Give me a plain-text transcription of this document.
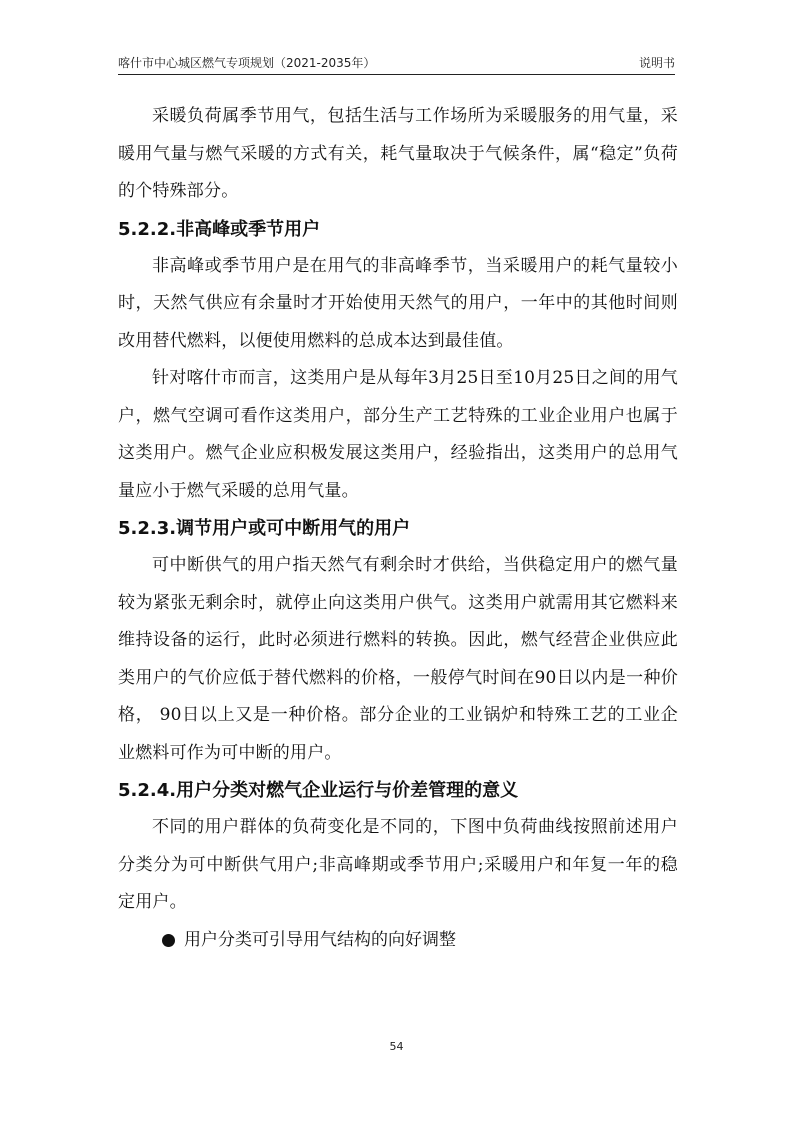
喀什市中心城区燃气专项规划（2021-2035年）	说明书

采暖负荷属季节用气，包括生活与工作场所为采暖服务的用气量，采暖用气量与燃气采暖的方式有关，耗气量取决于气候条件，属“稳定”负荷的个特殊部分。

5.2.2.非高峰或季节用户

非高峰或季节用户是在用气的非高峰季节，当采暖用户的耗气量较小时，天然气供应有余量时才开始使用天然气的用户，一年中的其他时间则改用替代燃料，以便使用燃料的总成本达到最佳值。

针对喀什市而言，这类用户是从每年3月25日至10月25日之间的用气户，燃气空调可看作这类用户，部分生产工艺特殊的工业企业用户也属于这类用户。燃气企业应积极发展这类用户，经验指出，这类用户的总用气量应小于燃气采暖的总用气量。

5.2.3.调节用户或可中断用气的用户

可中断供气的用户指天然气有剩余时才供给，当供稳定用户的燃气量较为紧张无剩余时，就停止向这类用户供气。这类用户就需用其它燃料来维持设备的运行，此时必须进行燃料的转换。因此，燃气经营企业供应此类用户的气价应低于替代燃料的价格，一般停气时间在90日以内是一种价格， 90日以上又是一种价格。部分企业的工业锅炉和特殊工艺的工业企业燃料可作为可中断的用户。

5.2.4.用户分类对燃气企业运行与价差管理的意义

不同的用户群体的负荷变化是不同的，下图中负荷曲线按照前述用户分类分为可中断供气用户;非高峰期或季节用户;采暖用户和年复一年的稳定用户。

用户分类可引导用气结构的向好调整
54
